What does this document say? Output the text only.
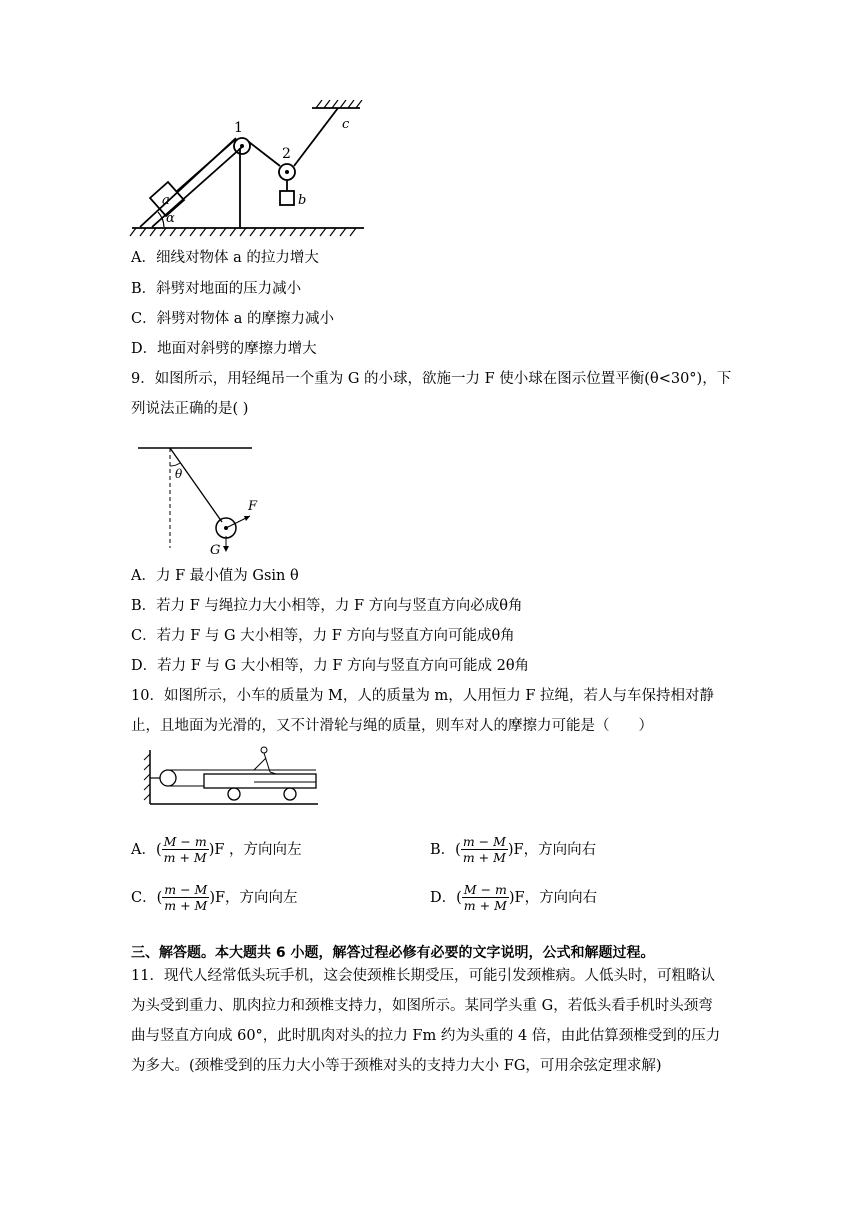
1
2
a	b
c
α
A．细线对物体 a 的拉力增大
B．斜劈对地面的压力减小
C．斜劈对物体 a 的摩擦力减小
D．地面对斜劈的摩擦力增大
9．如图所示，用轻绳吊一个重为 G 的小球，欲施一力 F 使小球在图示位置平衡(θ<30°)，下
列说法正确的是( )
θ
F
G
A．力 F 最小值为 Gsin θ
B．若力 F 与绳拉力大小相等，力 F 方向与竖直方向必成θ角
C．若力 F 与 G 大小相等，力 F 方向与竖直方向可能成θ角
D．若力 F 与 G 大小相等，力 F 方向与竖直方向可能成 2θ角
10．如图所示，小车的质量为 M，人的质量为 m，人用恒力 F 拉绳，若人与车保持相对静
止，且地面为光滑的，又不计滑轮与绳的质量，则车对人的摩擦力可能是（　　）
A．( $\frac{M - m}{m + M} )F$ ，方向向左	B．( $\frac{m - M}{m + M} )F$，方向向右
C．( $\frac{m - M}{m + M} )F$，方向向左	D．( $\frac{M - m}{m + M} )F$，方向向右
三、解答题。本大题共 6 小题，解答过程必修有必要的文字说明，公式和解题过程。
11．现代人经常低头玩手机，这会使颈椎长期受压，可能引发颈椎病。人低头时，可粗略认
为头受到重力、肌肉拉力和颈椎支持力，如图所示。某同学头重 G，若低头看手机时头颈弯
曲与竖直方向成 60°，此时肌肉对头的拉力 Fm 约为头重的 4 倍，由此估算颈椎受到的压力
为多大。(颈椎受到的压力大小等于颈椎对头的支持力大小 FG，可用余弦定理求解)
